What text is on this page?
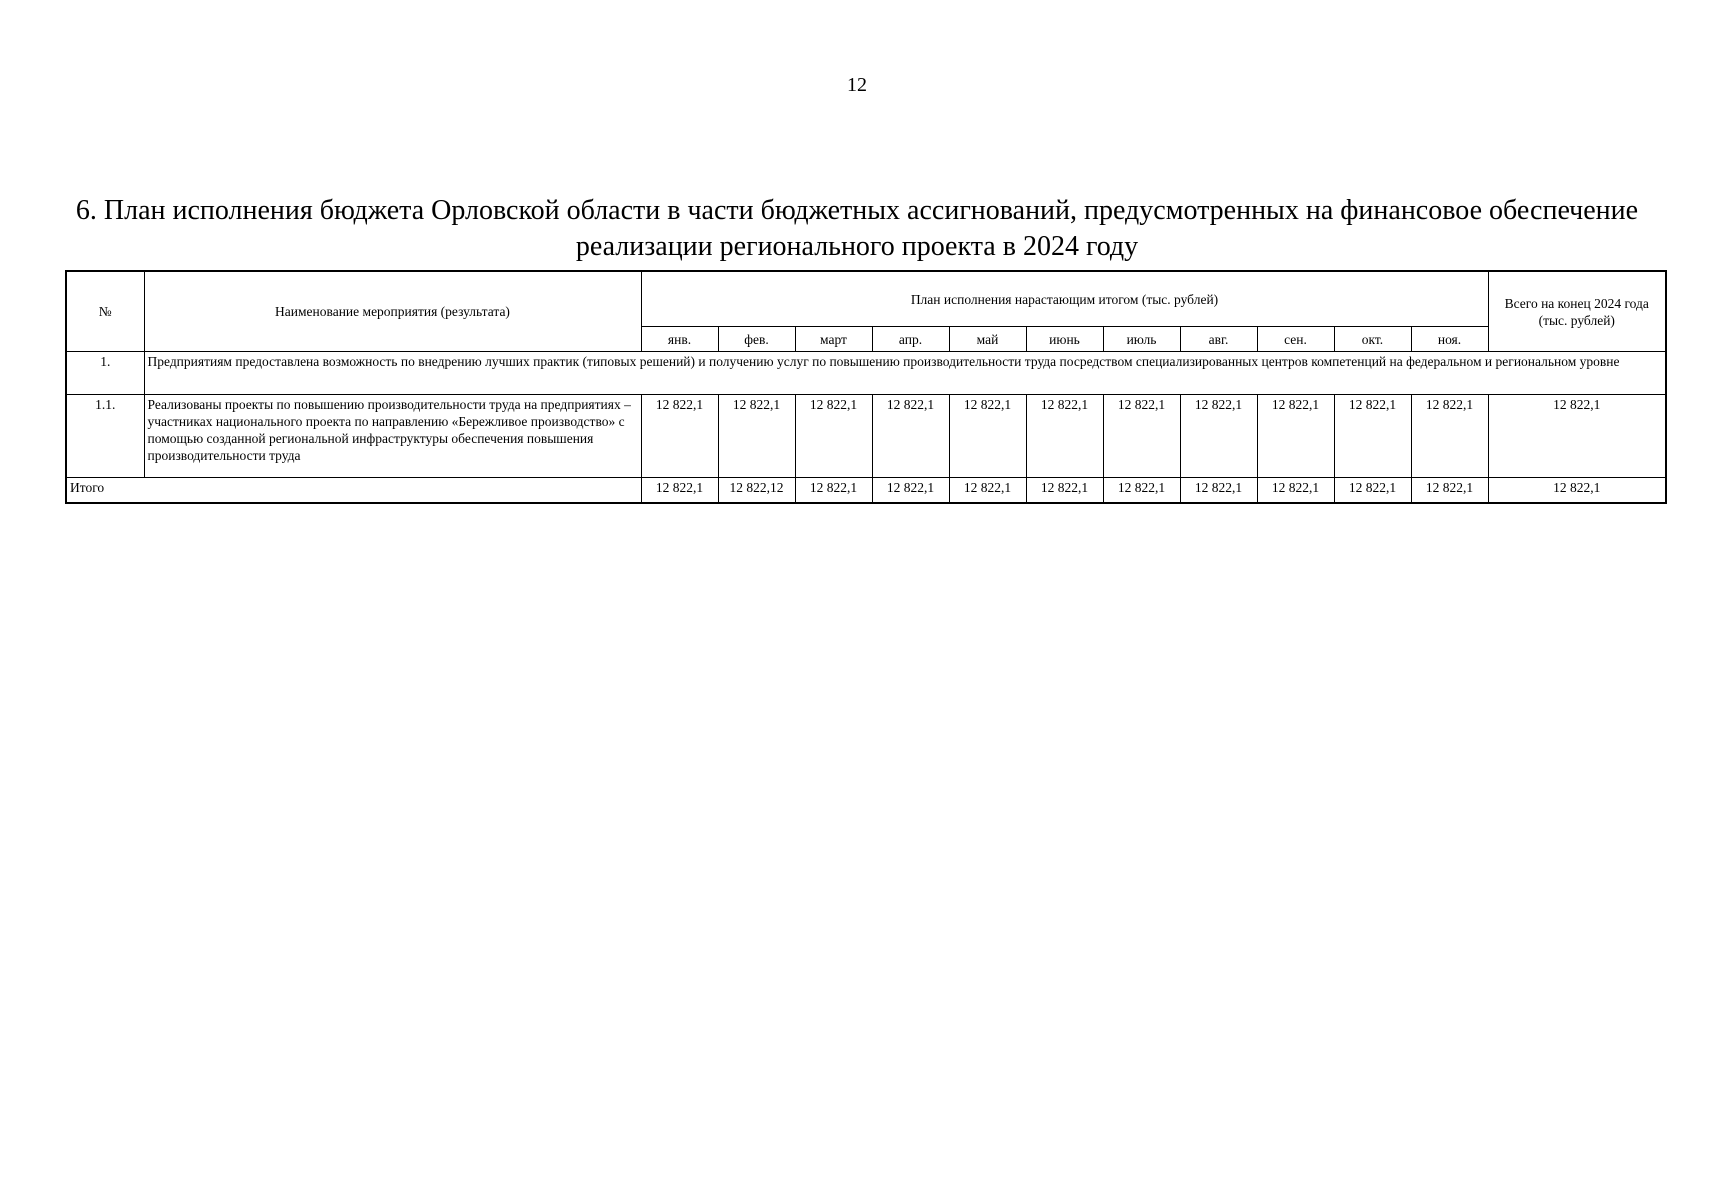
12
6. План исполнения бюджета Орловской области в части бюджетных ассигнований, предусмотренных на финансовое обеспечение
реализации регионального проекта в 2024 году
№	Наименование мероприятия (результата)	План исполнения нарастающим итогом (тыс. рублей)											Всего на конец 2024 года (тыс. рублей)
		янв.	фев.	март	апр.	май	июнь	июль	авг.	сен.	окт.	ноя.	
1.	Предприятиям предоставлена возможность по внедрению лучших практик (типовых решений) и получению услуг по повышению производительности труда посредством специализированных центров компетенций на федеральном и региональном уровне												
1.1.	Реализованы проекты по повышению производительности труда на предприятиях – участниках национального проекта по направлению «Бережливое производство» с помощью созданной региональной инфраструктуры обеспечения повышения производительности труда	12 822,1	12 822,1	12 822,1	12 822,1	12 822,1	12 822,1	12 822,1	12 822,1	12 822,1	12 822,1	12 822,1	12 822,1
Итого		12 822,1	12 822,12	12 822,1	12 822,1	12 822,1	12 822,1	12 822,1	12 822,1	12 822,1	12 822,1	12 822,1	12 822,1
